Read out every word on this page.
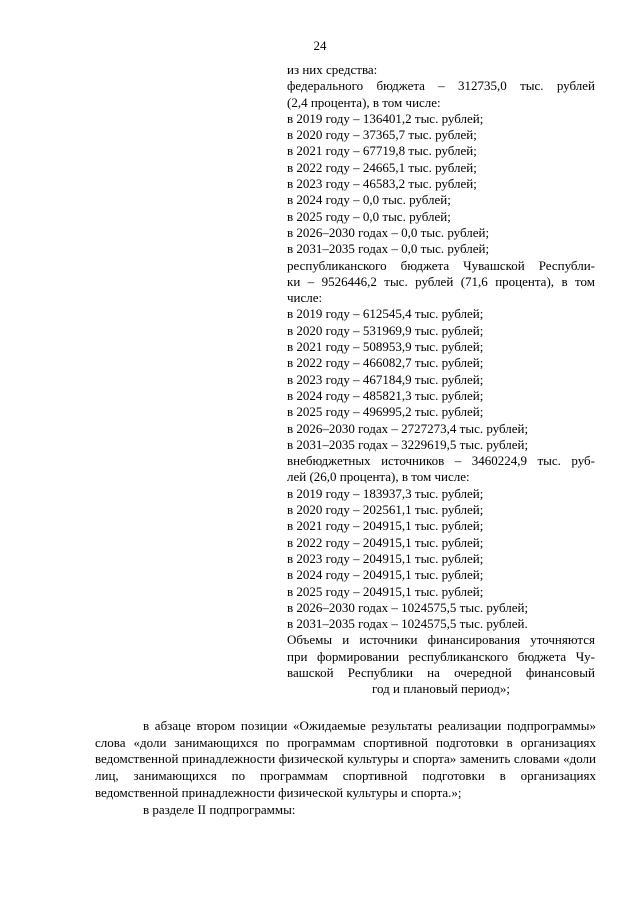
24
из них средства:
федерального бюджета – 312735,0 тыс. рублей
(2,4 процента), в том числе:
в 2019 году – 136401,2 тыс. рублей;
в 2020 году – 37365,7 тыс. рублей;
в 2021 году – 67719,8 тыс. рублей;
в 2022 году – 24665,1 тыс. рублей;
в 2023 году – 46583,2 тыс. рублей;
в 2024 году – 0,0 тыс. рублей;
в 2025 году – 0,0 тыс. рублей;
в 2026–2030 годах – 0,0 тыс. рублей;
в 2031–2035 годах – 0,0 тыс. рублей;
республиканского бюджета Чувашской Республи-
ки – 9526446,2 тыс. рублей (71,6 процента), в том
числе:
в 2019 году – 612545,4 тыс. рублей;
в 2020 году – 531969,9 тыс. рублей;
в 2021 году – 508953,9 тыс. рублей;
в 2022 году – 466082,7 тыс. рублей;
в 2023 году – 467184,9 тыс. рублей;
в 2024 году – 485821,3 тыс. рублей;
в 2025 году – 496995,2 тыс. рублей;
в 2026–2030 годах – 2727273,4 тыс. рублей;
в 2031–2035 годах – 3229619,5 тыс. рублей;
внебюджетных источников – 3460224,9 тыс. руб-
лей (26,0 процента), в том числе:
в 2019 году – 183937,3 тыс. рублей;
в 2020 году – 202561,1 тыс. рублей;
в 2021 году – 204915,1 тыс. рублей;
в 2022 году – 204915,1 тыс. рублей;
в 2023 году – 204915,1 тыс. рублей;
в 2024 году – 204915,1 тыс. рублей;
в 2025 году – 204915,1 тыс. рублей;
в 2026–2030 годах – 1024575,5 тыс. рублей;
в 2031–2035 годах – 1024575,5 тыс. рублей.
Объемы и источники финансирования уточняются
при формировании республиканского бюджета Чу-
вашской Республики на очередной финансовый
год и плановый период»;

в абзаце втором позиции «Ожидаемые результаты реализации подпрограммы» слова «доли занимающихся по программам спортивной подготовки в организациях ведомственной принадлежности физической культуры и спорта» заменить словами «доли лиц, занимающихся по программам спортивной подготовки в организациях ведомственной принадлежности физической культуры и спорта.»;

в разделе II подпрограммы:
